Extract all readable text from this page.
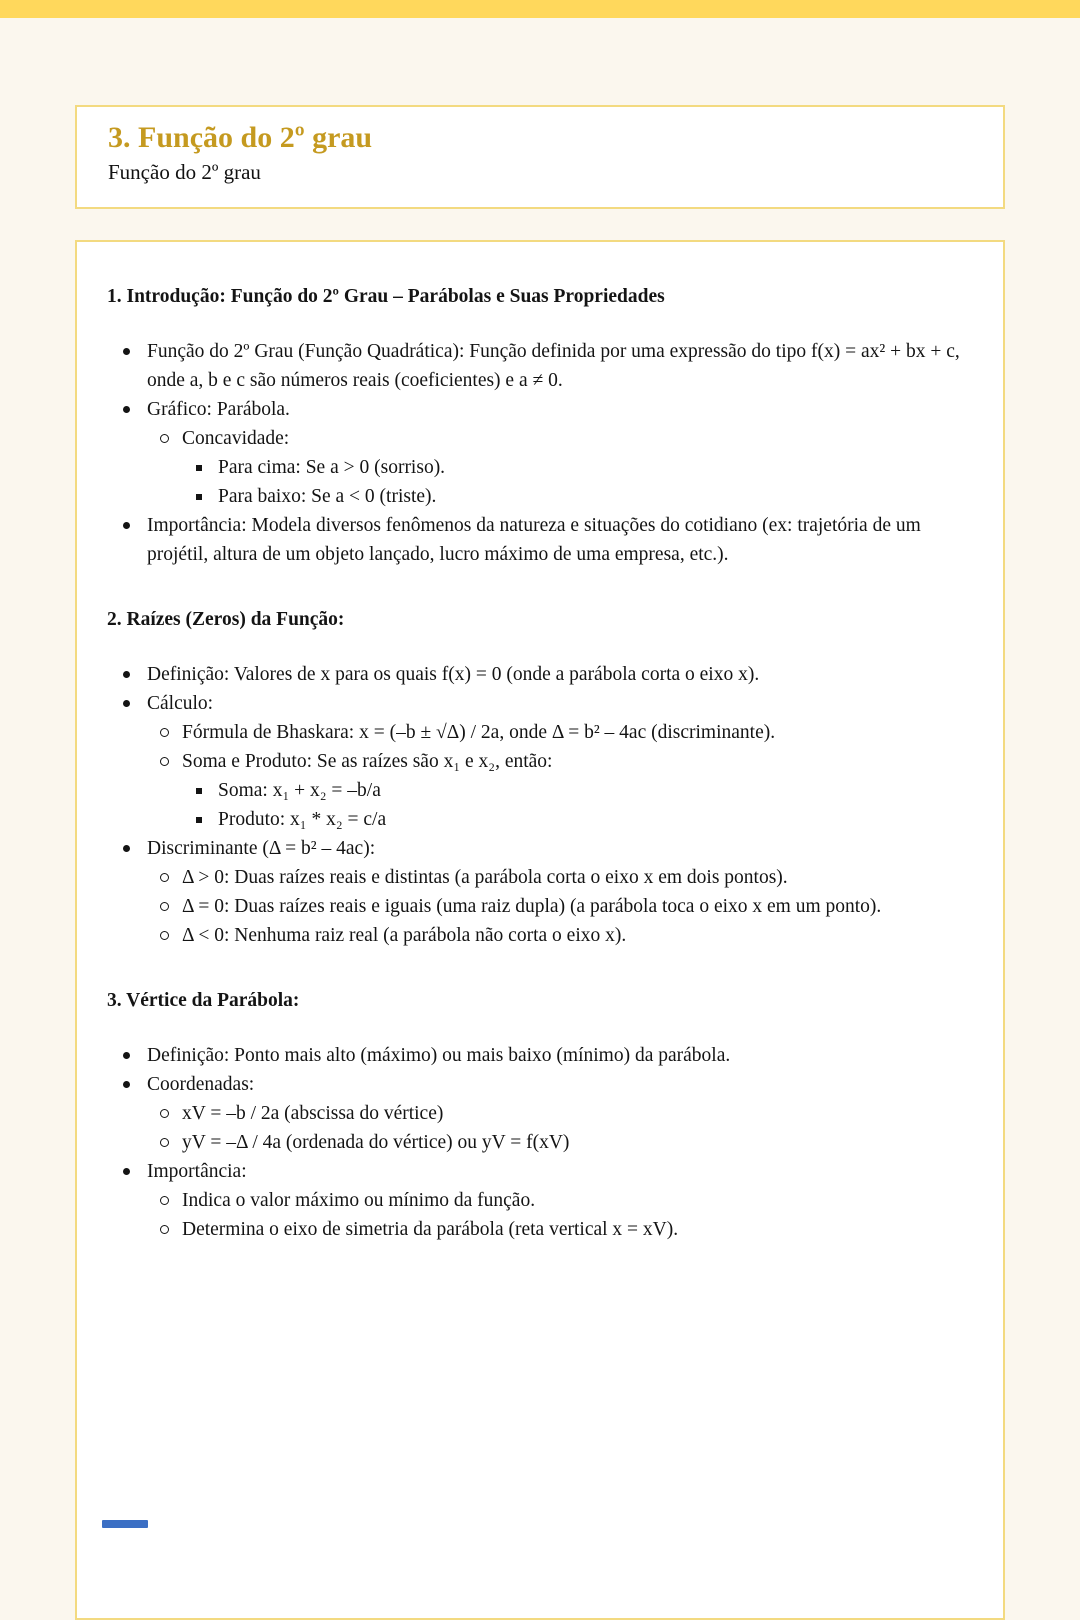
3. Função do 2º grau
Função do 2º grau
1. Introdução: Função do 2º Grau – Parábolas e Suas Propriedades
Função do 2º Grau (Função Quadrática): Função definida por uma expressão do tipo f(x) = ax² + bx + c, onde a, b e c são números reais (coeficientes) e a ≠ 0.
Gráfico: Parábola.
Concavidade:
Para cima: Se a > 0 (sorriso).
Para baixo: Se a < 0 (triste).
Importância: Modela diversos fenômenos da natureza e situações do cotidiano (ex: trajetória de um projétil, altura de um objeto lançado, lucro máximo de uma empresa, etc.).
2. Raízes (Zeros) da Função:
Definição: Valores de x para os quais f(x) = 0 (onde a parábola corta o eixo x).
Cálculo:
Fórmula de Bhaskara: x = (–b ± √Δ) / 2a, onde Δ = b² – 4ac (discriminante).
Soma e Produto: Se as raízes são x₁ e x₂, então:
Soma: x₁ + x₂ = –b/a
Produto: x₁ * x₂ = c/a
Discriminante (Δ = b² – 4ac):
Δ > 0: Duas raízes reais e distintas (a parábola corta o eixo x em dois pontos).
Δ = 0: Duas raízes reais e iguais (uma raiz dupla) (a parábola toca o eixo x em um ponto).
Δ < 0: Nenhuma raiz real (a parábola não corta o eixo x).
3. Vértice da Parábola:
Definição: Ponto mais alto (máximo) ou mais baixo (mínimo) da parábola.
Coordenadas:
xV = –b / 2a (abscissa do vértice)
yV = –Δ / 4a (ordenada do vértice) ou yV = f(xV)
Importância:
Indica o valor máximo ou mínimo da função.
Determina o eixo de simetria da parábola (reta vertical x = xV).
